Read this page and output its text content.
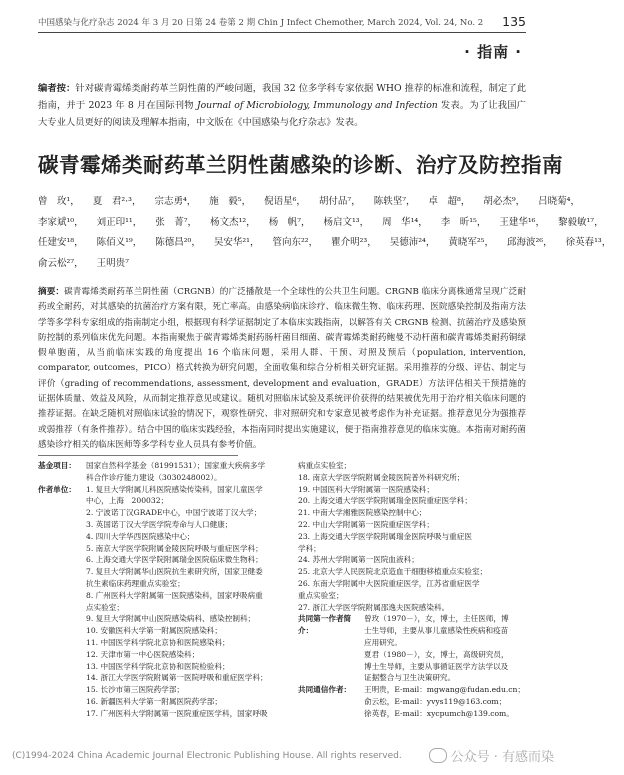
中国感染与化疗杂志 2024 年 3 月 20 日第 24 卷第 2 期 Chin J Infect Chemother, March 2024, Vol. 24, No. 2 135
· 指南 ·
编者按：针对碳青霉烯类耐药革兰阴性菌的严峻问题，我国 32 位多学科专家依据 WHO 推荐的标准和流程，制定了此指南，并于 2023 年 8 月在国际刊物 Journal of Microbiology, Immunology and Infection 发表。为了让我国广大专业人员更好的阅读及理解本指南，中文版在《中国感染与化疗杂志》发表。
碳青霉烯类耐药革兰阴性菌感染的诊断、治疗及防控指南
曾　玫¹， 夏　君²·³， 宗志勇⁴， 施　毅⁵， 倪语星⁶， 胡付品⁷， 陈轶坚⁷， 卓　超⁸， 胡必杰⁹， 吕晓菊⁴，
李家斌¹⁰， 刘正印¹¹， 张　菁⁷， 杨文杰¹²， 杨　帆⁷， 杨启文¹³， 周　华¹⁴， 李　昕¹⁵， 王建华¹⁶， 黎毅敏¹⁷，
任建安¹⁸， 陈佰义¹⁹， 陈德昌²⁰， 吴安华²¹， 管向东²²， 瞿介明²³， 吴德沛²⁴， 黄晓军²⁵， 邱海波²⁶， 徐英春¹³，
俞云松²⁷， 王明贵⁷
摘要：碳青霉烯类耐药革兰阴性菌（CRGNB）的广泛播散是一个全球性的公共卫生问题。CRGNB 临床分离株通常呈现广泛耐药或全耐药，对其感染的抗菌治疗方案有限，死亡率高。由感染病临床诊疗、临床微生物、临床药理、医院感染控制及指南方法学等多学科专家组成的指南制定小组，根据现有科学证据制定了本临床实践指南，以解答有关 CRGNB 检测、抗菌治疗及感染预防控制的系列临床优先问题。本指南聚焦于碳青霉烯类耐药肠杆菌目细菌、碳青霉烯类耐药鲍曼不动杆菌和碳青霉烯类耐药铜绿假单胞菌，从当前临床实践的角度提出 16 个临床问题，采用人群、干预、对照及预后（population, intervention, comparator, outcomes，PICO）格式转换为研究问题，全面收集和综合分析相关研究证据。采用推荐的分级、评估、制定与评价（grading of recommendations, assessment, development and evaluation，GRADE）方法评估相关干预措施的证据体质量、效益及风险，从而制定推荐意见或建议。随机对照临床试验及系统评价获得的结果被优先用于治疗相关临床问题的推荐证据。在缺乏随机对照临床试验的情况下，观察性研究、非对照研究和专家意见被考虑作为补充证据。推荐意见分为强推荐或弱推荐（有条件推荐）。结合中国的临床实践经验，本指南同时提出实施建议，便于指南推荐意见的临床实施。本指南对耐药菌感染诊疗相关的临床医师等多学科专业人员具有参考价值。
基金项目：	国家自然科学基金（81991531）；国家重大疾病多学
科合作诊疗能力建设（3030248002）。
作者单位：	1. 复旦大学附属儿科医院感染传染科，国家儿童医学
中心，上海　200032；
2. 宁波诺丁汉GRADE中心，中国宁波诺丁汉大学；
3. 英国诺丁汉大学医学院寿命与人口健康；
4. 四川大学华西医院感染中心；
5. 南京大学医学院附属金陵医院呼吸与重症医学科；
6. 上海交通大学医学院附属瑞金医院临床微生物科；
7. 复旦大学附属华山医院抗生素研究所，国家卫健委
抗生素临床药理重点实验室；
8. 广州医科大学附属第一医院感染科，国家呼吸病重
点实验室；
9. 复旦大学附属中山医院感染病科、感染控制科；
10. 安徽医科大学第一附属医院感染科；
11. 中国医学科学院北京协和医院感染科；
12. 天津市第一中心医院感染科；
13. 中国医学科学院北京协和医院检验科；
14. 浙江大学医学院附属第一医院呼吸和重症医学科；
15. 长沙市第三医院药学部；
16. 新疆医科大学第一附属医院药学部；
17. 广州医科大学附属第一医院重症医学科，国家呼吸
病重点实验室；
18. 南京大学医学院附属金陵医院普外科研究所；
19. 中国医科大学附属第一医院感染科；
20. 上海交通大学医学院附属瑞金医院重症医学科；
21. 中南大学湘雅医院感染控制中心；
22. 中山大学附属第一医院重症医学科；
23. 上海交通大学医学院附属瑞金医院呼吸与重症医
学科；
24. 苏州大学附属第一医院血液科；
25. 北京大学人民医院北京造血干细胞移植重点实验室；
26. 东南大学附属中大医院重症医学，江苏省重症医学
重点实验室；
27. 浙江大学医学院附属邵逸夫医院感染科。
共同第一作者简介：
曾玫（1970－），女，博士，主任医师，博
士生导师，主要从事儿童感染性疾病和疫苗
应用研究。
夏君（1980－），女，博士，高级研究员，
博士生导师，主要从事循证医学方法学以及
证据整合与卫生决策研究。
共同通信作者：	王明贵，E-mail：mgwang@fudan.edu.cn；
俞云松，E-mail：yvys119@163.com；
徐英春，E-mail：xycpumch@139.com。
(C)1994-2024 China Academic Journal Electronic Publishing House. All rights reserved.	公众号 · 有感而染
